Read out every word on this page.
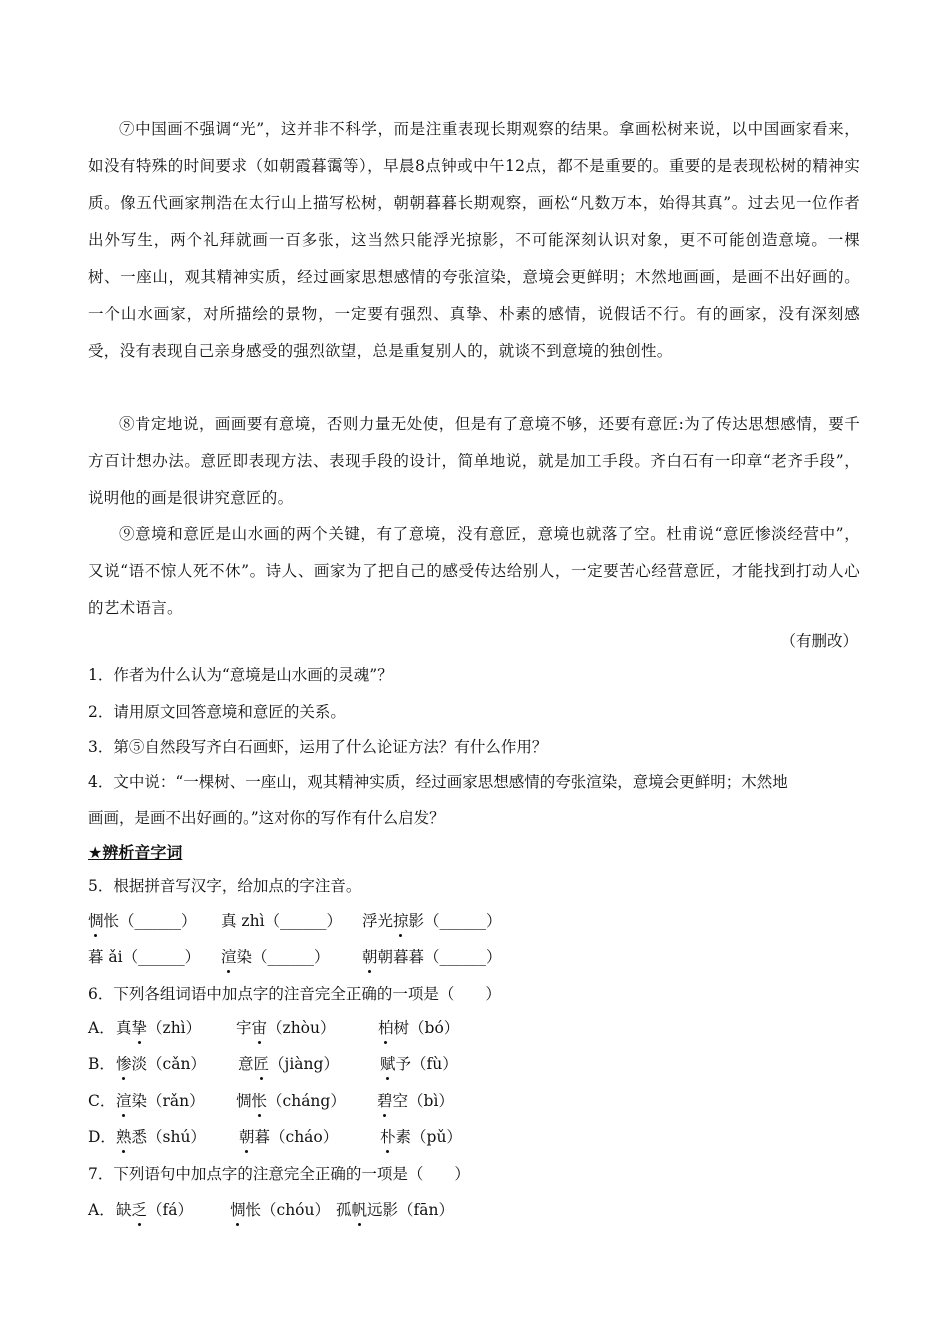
⑦中国画不强调“光”，这并非不科学，而是注重表现长期观察的结果。拿画松树来说，以中国画家看来，如没有特殊的时间要求（如朝霞暮霭等），早晨8点钟或中午12点，都不是重要的。重要的是表现松树的精神实质。像五代画家荆浩在太行山上描写松树，朝朝暮暮长期观察，画松“凡数万本，始得其真”。过去见一位作者出外写生，两个礼拜就画一百多张，这当然只能浮光掠影，不可能深刻认识对象，更不可能创造意境。一棵树、一座山，观其精神实质，经过画家思想感情的夸张渲染，意境会更鲜明；木然地画画，是画不出好画的。一个山水画家，对所描绘的景物，一定要有强烈、真挚、朴素的感情，说假话不行。有的画家，没有深刻感受，没有表现自己亲身感受的强烈欲望，总是重复别人的，就谈不到意境的独创性。

⑧肯定地说，画画要有意境，否则力量无处使，但是有了意境不够，还要有意匠:为了传达思想感情，要千方百计想办法。意匠即表现方法、表现手段的设计，简单地说，就是加工手段。齐白石有一印章“老齐手段”，说明他的画是很讲究意匠的。

⑨意境和意匠是山水画的两个关键，有了意境，没有意匠，意境也就落了空。杜甫说“意匠惨淡经营中”，又说“语不惊人死不休”。诗人、画家为了把自己的感受传达给别人，一定要苦心经营意匠，才能找到打动人心的艺术语言。

（有删改）
1．作者为什么认为“意境是山水画的灵魂”？
2．请用原文回答意境和意匠的关系。
3．第⑤自然段写齐白石画虾，运用了什么论证方法？有什么作用？
4．文中说：“一棵树、一座山，观其精神实质，经过画家思想感情的夸张渲染，意境会更鲜明；木然地
画画，是画不出好画的。”这对你的写作有什么启发？
★辨析音字词
5．根据拼音写汉字，给加点的字注音。
惆怅（______） 真 zhì（______） 浮光掠影（______）
暮 ǎi（______） 渲染（______） 朝朝暮暮（______）
6．下列各组词语中加点字的注音完全正确的一项是（　　）
A． 真挚（zhì） 宇宙（zhòu）	柏树（bó）
B． 惨淡（cǎn） 意匠（jiàng）	赋予（fù）
C． 渲染（rǎn） 惆怅（cháng） 碧空（bì）
D． 熟悉（shú） 朝暮（cháo）	朴素（pǔ）
7．下列语句中加点字的注意完全正确的一项是（　　）
A． 缺乏（fá） 惆怅（chóu） 孤帆远影（fān）
